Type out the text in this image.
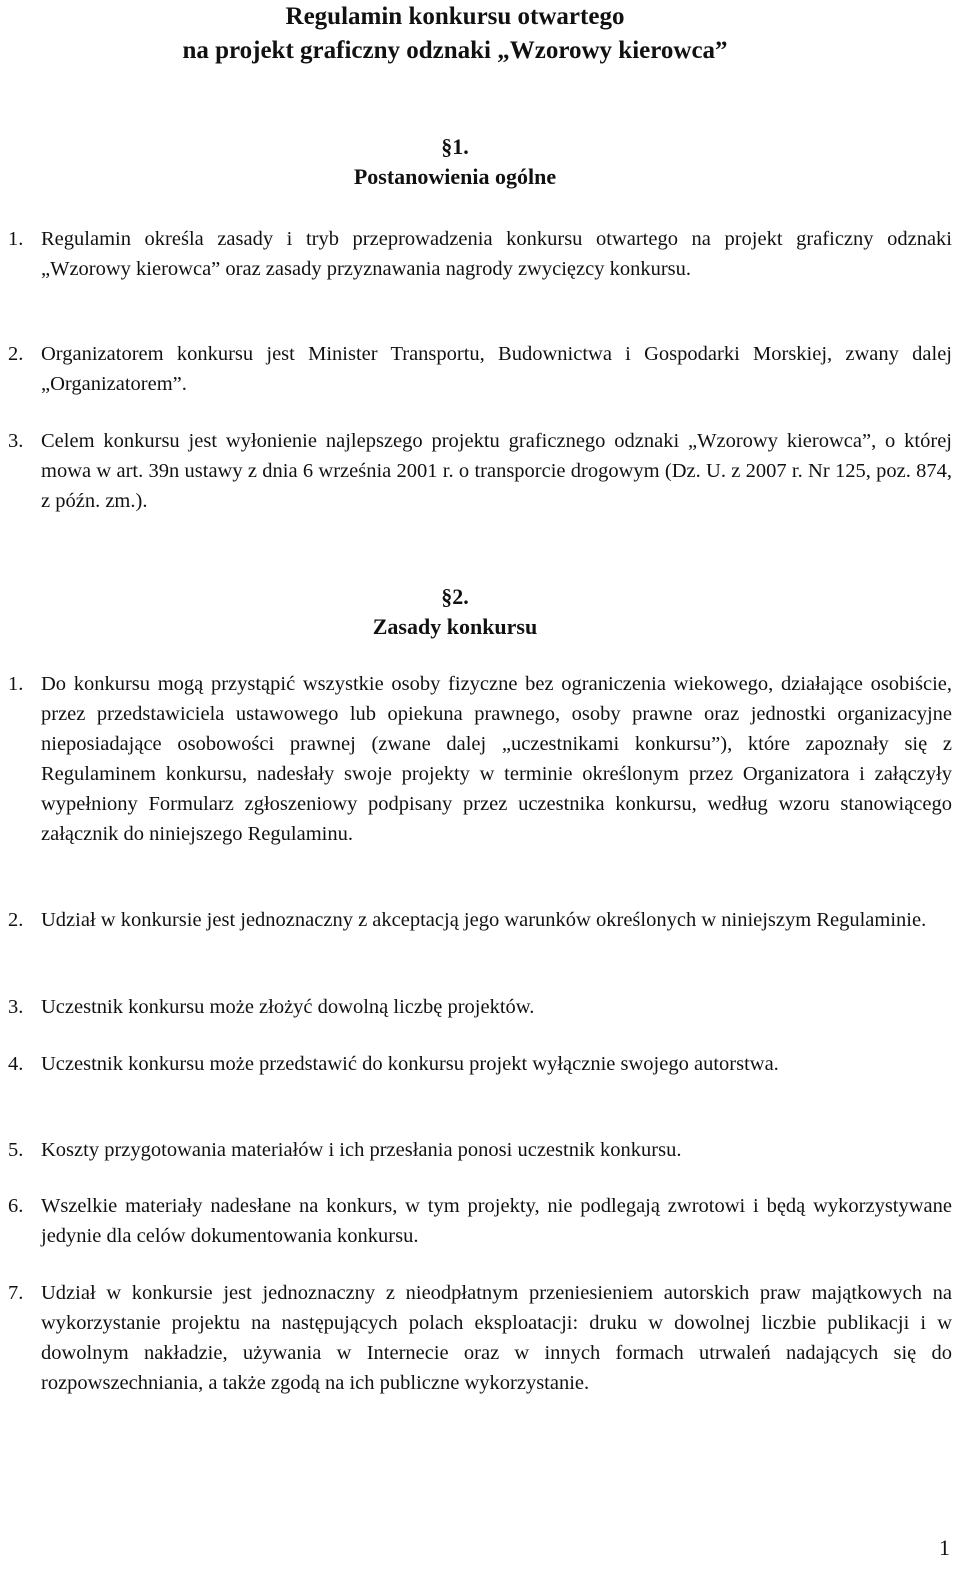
Regulamin konkursu otwartego
na projekt graficzny odznaki „Wzorowy kierowca”
§1.
Postanowienia ogólne
1. Regulamin określa zasady i tryb przeprowadzenia konkursu otwartego na projekt graficzny odznaki „Wzorowy kierowca” oraz zasady przyznawania nagrody zwycięzcy konkursu.
2. Organizatorem konkursu jest Minister Transportu, Budownictwa i Gospodarki Morskiej, zwany dalej „Organizatorem”.
3. Celem konkursu jest wyłonienie najlepszego projektu graficznego odznaki „Wzorowy kierowca”, o której mowa w art. 39n ustawy z dnia 6 września 2001 r. o transporcie drogowym (Dz. U. z 2007 r. Nr 125, poz. 874, z późn. zm.).
§2.
Zasady konkursu
1. Do konkursu mogą przystąpić wszystkie osoby fizyczne bez ograniczenia wiekowego, działające osobiście, przez przedstawiciela ustawowego lub opiekuna prawnego, osoby prawne oraz jednostki organizacyjne nieposiadające osobowości prawnej (zwane dalej „uczestnikami konkursu”), które zapoznały się z Regulaminem konkursu, nadesłały swoje projekty w terminie określonym przez Organizatora i załączyły wypełniony Formularz zgłoszeniowy podpisany przez uczestnika konkursu, według wzoru stanowiącego załącznik do niniejszego Regulaminu.
2. Udział w konkursie jest jednoznaczny z akceptacją jego warunków określonych w niniejszym Regulaminie.
3. Uczestnik konkursu może złożyć dowolną liczbę projektów.
4. Uczestnik konkursu może przedstawić do konkursu projekt wyłącznie swojego autorstwa.
5. Koszty przygotowania materiałów i ich przesłania ponosi uczestnik konkursu.
6. Wszelkie materiały nadesłane na konkurs, w tym projekty, nie podlegają zwrotowi i będą wykorzystywane jedynie dla celów dokumentowania konkursu.
7. Udział w konkursie jest jednoznaczny z nieodpłatnym przeniesieniem autorskich praw majątkowych na wykorzystanie projektu na następujących polach eksploatacji: druku w dowolnej liczbie publikacji i w dowolnym nakładzie, używania w Internecie oraz w innych formach utrwaleń nadających się do rozpowszechniania, a także zgodą na ich publiczne wykorzystanie.
1
